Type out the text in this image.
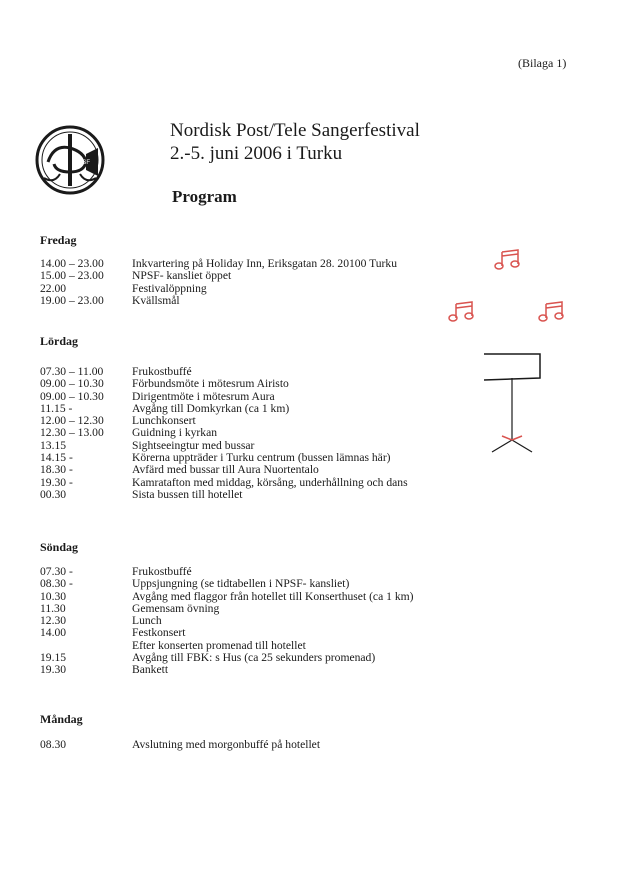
(Bilaga 1)
NPSF
Nordisk Post/Tele Sangerfestival
2.-5. juni 2006 i Turku
Program
Fredag
14.00 – 23.00	Inkvartering på Holiday Inn, Eriksgatan 28. 20100 Turku
15.00 – 23.00	NPSF- kansliet öppet
22.00	Festivalöppning
19.00 – 23.00	Kvällsmål
Lördag
07.30 – 11.00	Frukostbuffé
09.00 – 10.30	Förbundsmöte i mötesrum Airisto
09.00 – 10.30	Dirigentmöte i mötesrum Aura
11.15 -	Avgång till Domkyrkan (ca 1 km)
12.00 – 12.30	Lunchkonsert
12.30 – 13.00	Guidning i kyrkan
13.15	Sightseeingtur med bussar
14.15 -	Körerna uppträder i Turku centrum (bussen lämnas här)
18.30 -	Avfärd med bussar till Aura Nuortentalo
19.30 -	Kamratafton med middag, körsång, underhållning och dans
00.30	Sista bussen till hotellet
Söndag
07.30 -	Frukostbuffé
08.30 -	Uppsjungning (se tidtabellen i NPSF- kansliet)
10.30	Avgång med flaggor från hotellet till Konserthuset (ca 1 km)
11.30	Gemensam övning
12.30	Lunch
14.00	Festkonsert
Efter konserten promenad till hotellet
19.15	Avgång till FBK: s Hus (ca 25 sekunders promenad)
19.30	Bankett
Måndag
08.30	Avslutning med morgonbuffé på hotellet
